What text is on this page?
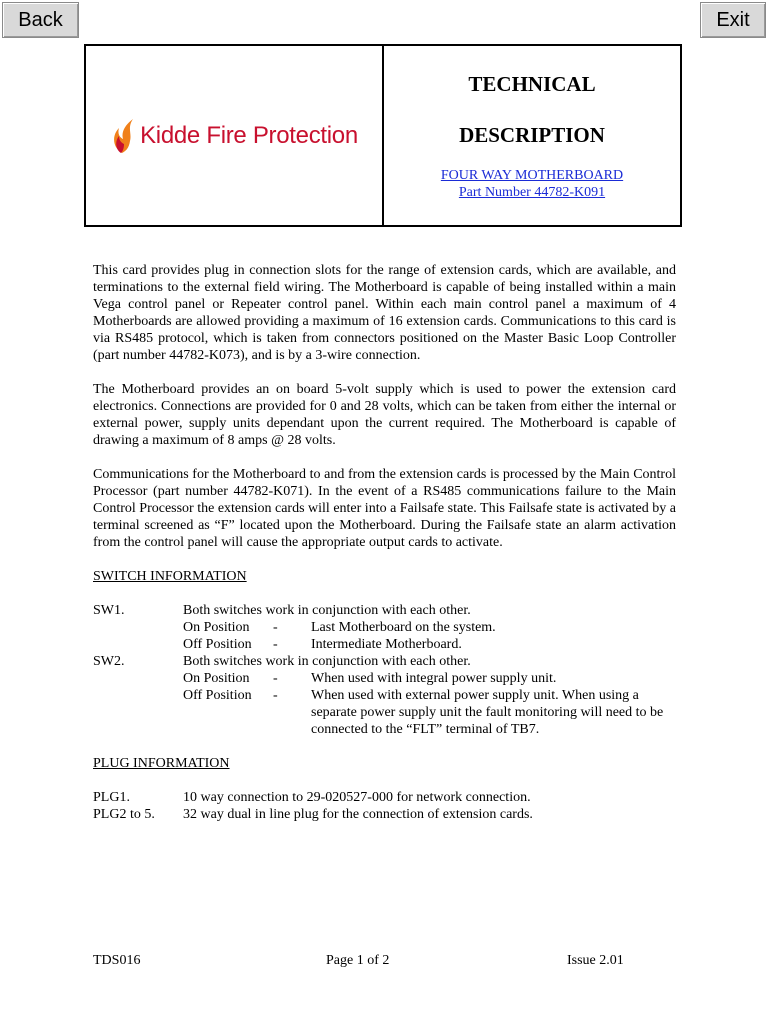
Back	Exit
Kidde Fire Protection

TECHNICAL

DESCRIPTION

FOUR WAY MOTHERBOARD
Part Number 44782-K091

This card provides plug in connection slots for the range of extension cards, which are available, and terminations to the external field wiring. The Motherboard is capable of being installed within a main Vega control panel or Repeater control panel. Within each main control panel a maximum of 4 Motherboards are allowed providing a maximum of 16 extension cards. Communications to this card is via RS485 protocol, which is taken from connectors positioned on the Master Basic Loop Controller (part number 44782-K073), and is by a 3-wire connection.

The Motherboard provides an on board 5-volt supply which is used to power the extension card electronics. Connections are provided for 0 and 28 volts, which can be taken from either the internal or external power, supply units dependant upon the current required. The Motherboard is capable of drawing a maximum of 8 amps @ 28 volts.

Communications for the Motherboard to and from the extension cards is processed by the Main Control Processor (part number 44782-K071). In the event of a RS485 communications failure to the Main Control Processor the extension cards will enter into a Failsafe state. This Failsafe state is activated by a terminal screened as “F” located upon the Motherboard. During the Failsafe state an alarm activation from the control panel will cause the appropriate output cards to activate.

SWITCH INFORMATION

SW1.	Both switches work in conjunction with each other.
On Position	-	Last Motherboard on the system.
Off Position	-	Intermediate Motherboard.
SW2.	Both switches work in conjunction with each other.
On Position	-	When used with integral power supply unit.
Off Position	-	When used with external power supply unit. When using a separate power supply unit the fault monitoring will need to be connected to the “FLT” terminal of TB7.

PLUG INFORMATION

PLG1.	10 way connection to 29-020527-000 for network connection.
PLG2 to 5.	32 way dual in line plug for the connection of extension cards.
TDS016	Page 1 of 2	Issue 2.01
